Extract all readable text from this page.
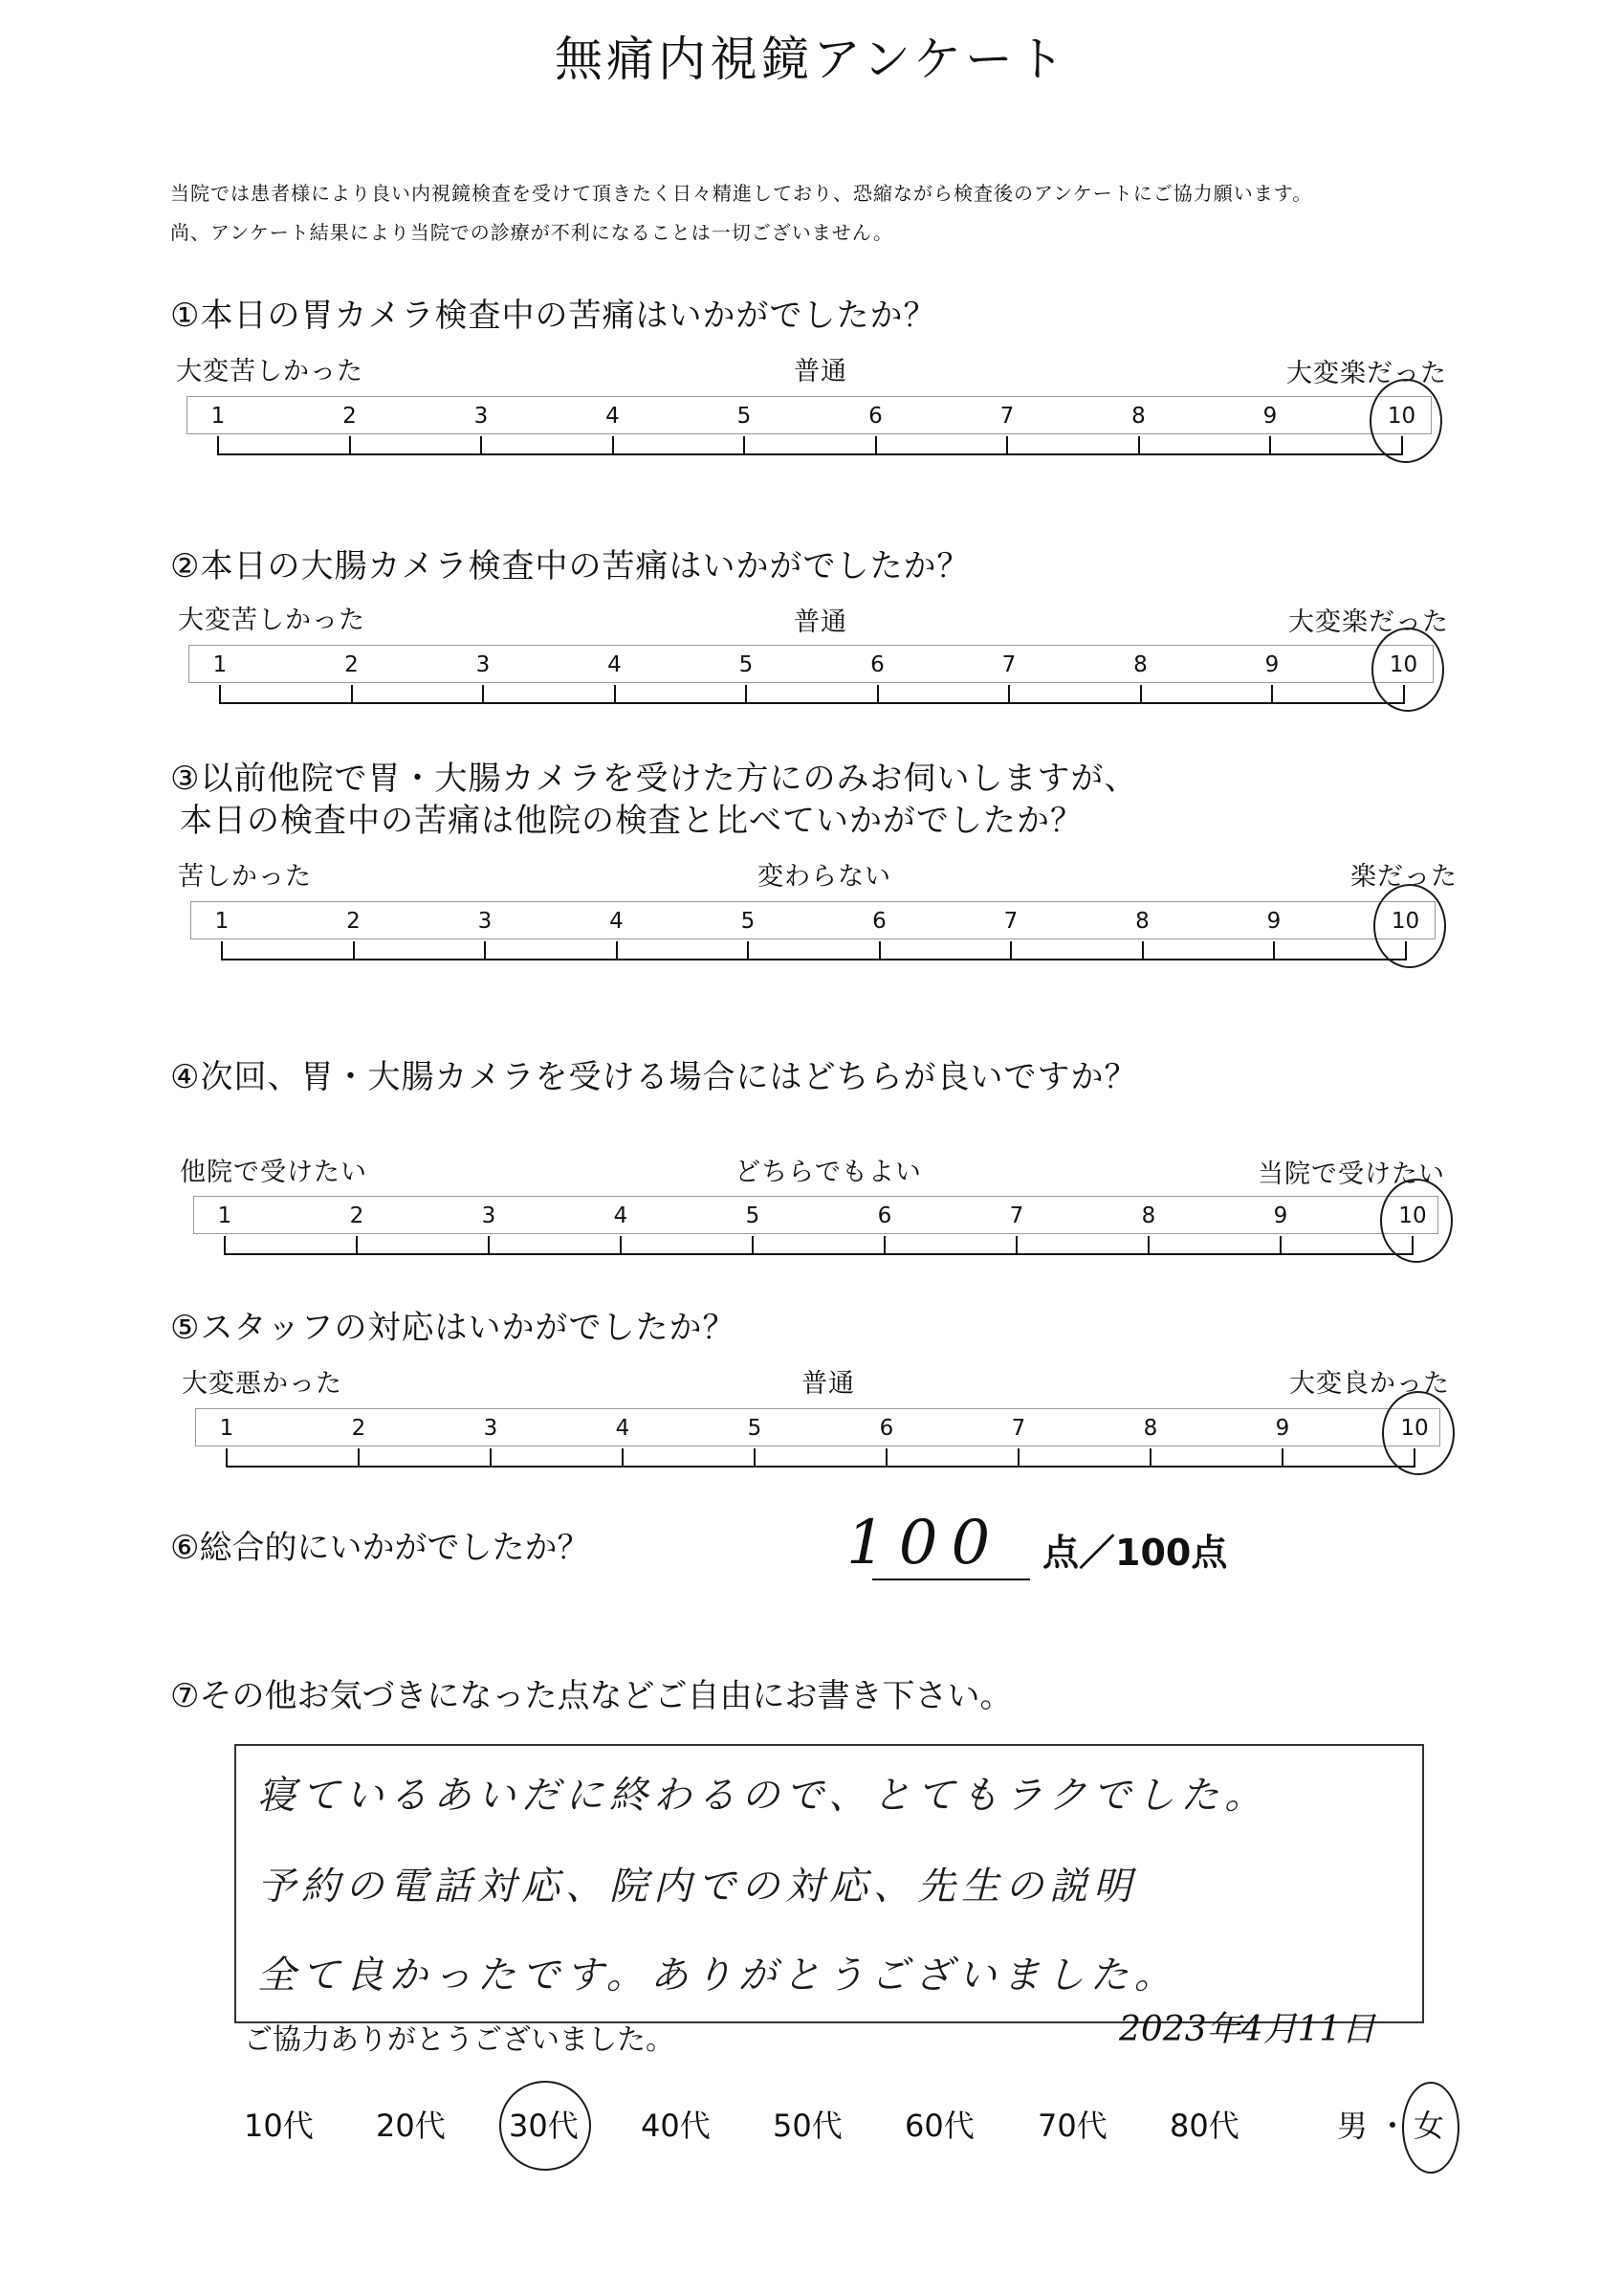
無痛内視鏡アンケート
当院では患者様により良い内視鏡検査を受けて頂きたく日々精進しており、恐縮ながら検査後のアンケートにご協力願います。
尚、アンケート結果により当院での診療が不利になることは一切ございません。
①本日の胃カメラ検査中の苦痛はいかがでしたか？
大変苦しかった	普通	大変楽だった
1	2	3	4	5	6	7	8	9	10
②本日の大腸カメラ検査中の苦痛はいかがでしたか？
大変苦しかった	普通	大変楽だった
1	2	3	4	5	6	7	8	9	10
③以前他院で胃・大腸カメラを受けた方にのみお伺いしますが、
本日の検査中の苦痛は他院の検査と比べていかがでしたか？
苦しかった	変わらない	楽だった
1	2	3	4	5	6	7	8	9	10
④次回、胃・大腸カメラを受ける場合にはどちらが良いですか？
他院で受けたい	どちらでもよい	当院で受けたい
1	2	3	4	5	6	7	8	9	10
⑤スタッフの対応はいかがでしたか？
大変悪かった	普通	大変良かった
1	2	3	4	5	6	7	8	9	10
⑥総合的にいかがでしたか？	100	点／100点
⑦その他お気づきになった点などご自由にお書き下さい。
寝ているあいだに終わるので、とてもラクでした。
予約の電話対応、院内での対応、先生の説明
全て良かったです。ありがとうございました。
ご協力ありがとうございました。	2023年4月11日
10代 20代 30代 40代 50代 60代 70代 80代	男 ・ 女
